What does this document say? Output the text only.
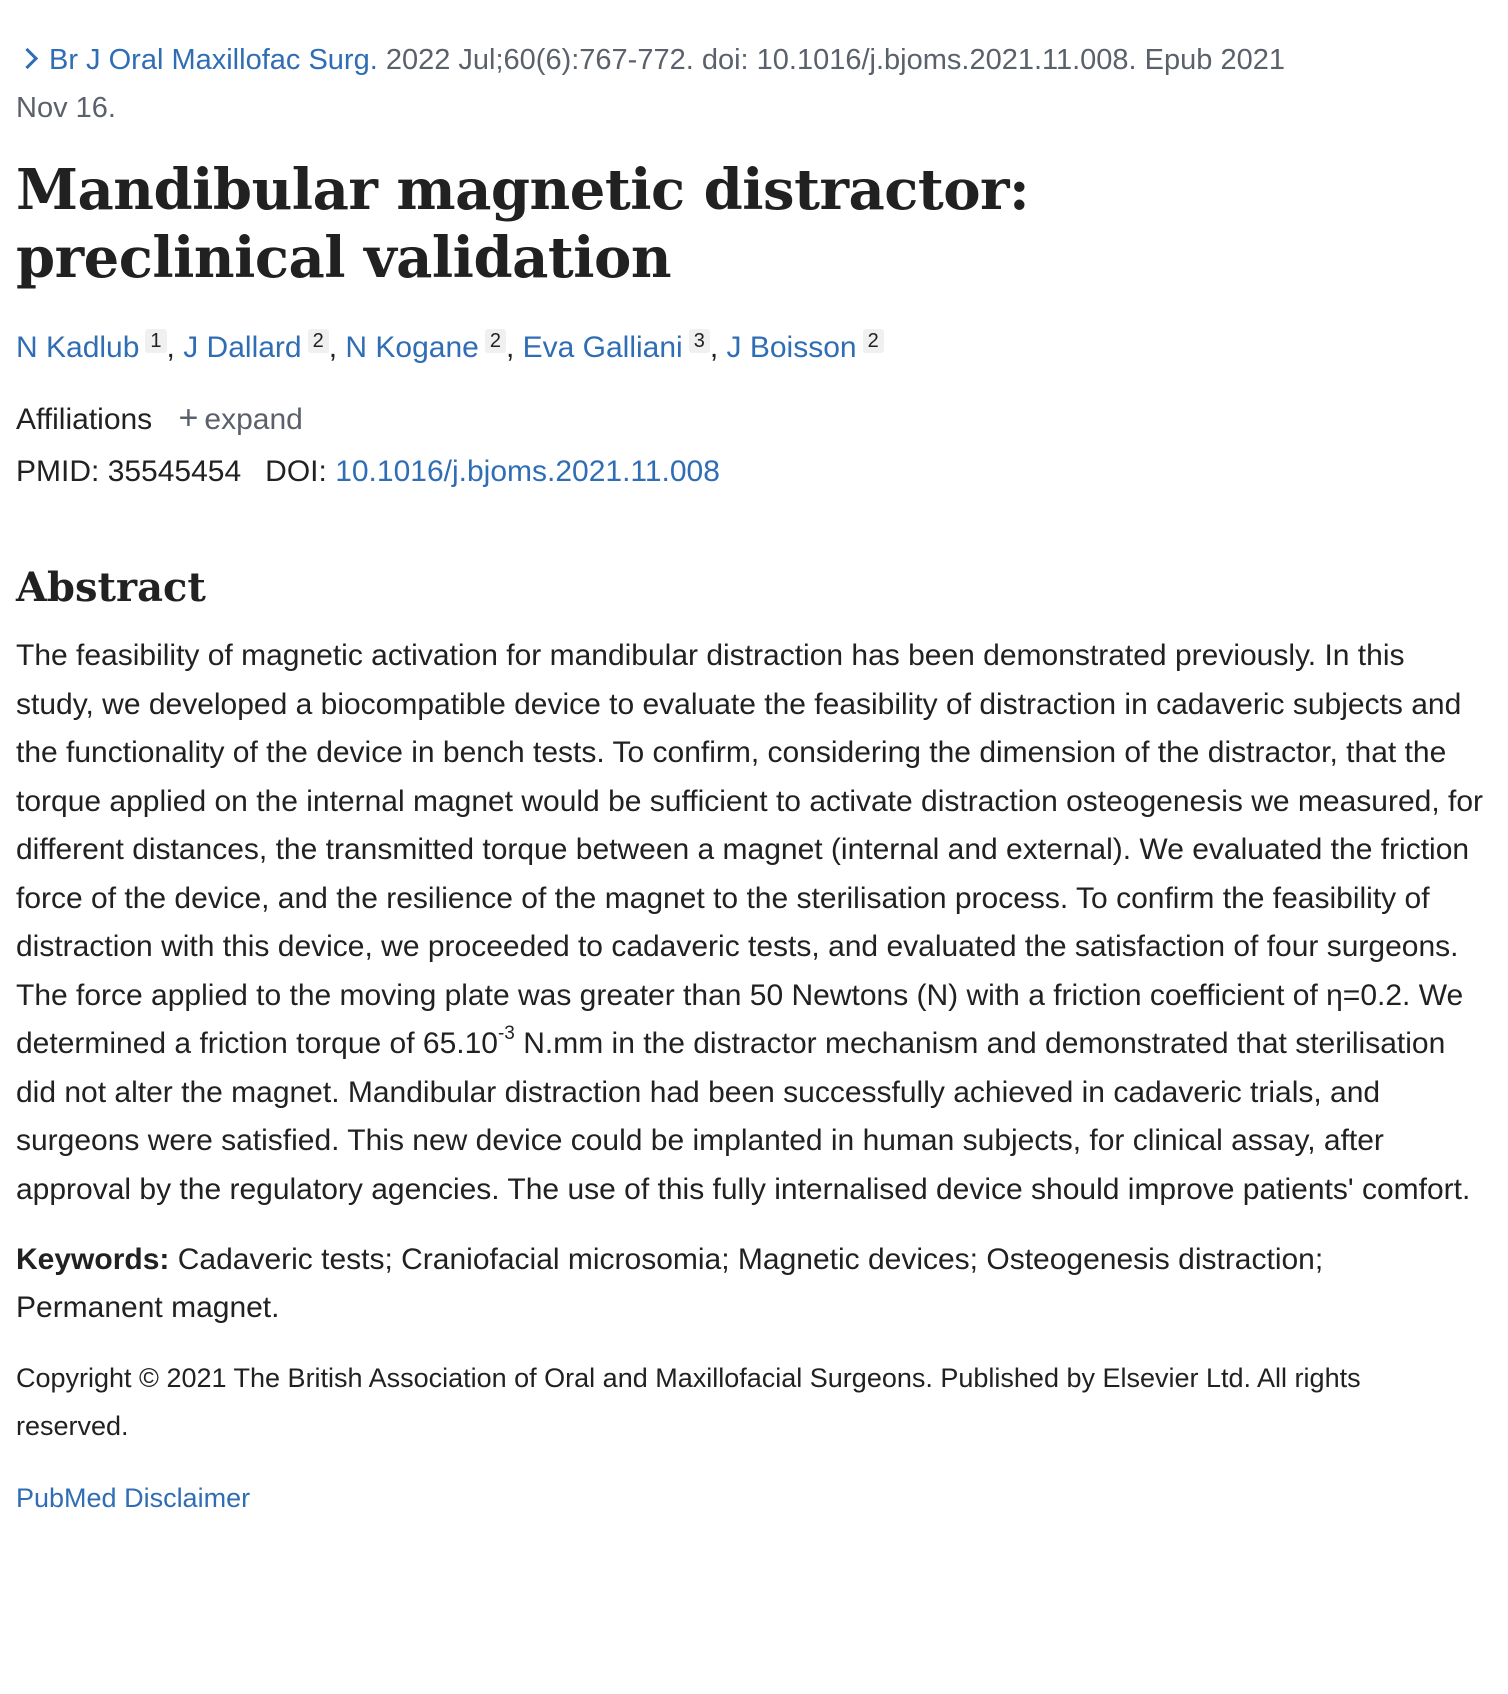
Br J Oral Maxillofac Surg. 2022 Jul;60(6):767-772. doi: 10.1016/j.bjoms.2021.11.008. Epub 2021 Nov 16.
Mandibular magnetic distractor: preclinical validation
N Kadlub 1 , J Dallard 2 , N Kogane 2 , Eva Galliani 3 , J Boisson 2
Affiliations + expand
PMID: 35545454 DOI: 10.1016/j.bjoms.2021.11.008
Abstract
The feasibility of magnetic activation for mandibular distraction has been demonstrated previously. In this study, we developed a biocompatible device to evaluate the feasibility of distraction in cadaveric subjects and the functionality of the device in bench tests. To confirm, considering the dimension of the distractor, that the torque applied on the internal magnet would be sufficient to activate distraction osteogenesis we measured, for different distances, the transmitted torque between a magnet (internal and external). We evaluated the friction force of the device, and the resilience of the magnet to the sterilisation process. To confirm the feasibility of distraction with this device, we proceeded to cadaveric tests, and evaluated the satisfaction of four surgeons. The force applied to the moving plate was greater than 50 Newtons (N) with a friction coefficient of η=0.2. We determined a friction torque of $65.10^{-3}$ N.mm in the distractor mechanism and demonstrated that sterilisation did not alter the magnet. Mandibular distraction had been successfully achieved in cadaveric trials, and surgeons were satisfied. This new device could be implanted in human subjects, for clinical assay, after approval by the regulatory agencies. The use of this fully internalised device should improve patients' comfort.
Keywords: Cadaveric tests; Craniofacial microsomia; Magnetic devices; Osteogenesis distraction; Permanent magnet.
Copyright © 2021 The British Association of Oral and Maxillofacial Surgeons. Published by Elsevier Ltd. All rights reserved.
PubMed Disclaimer
